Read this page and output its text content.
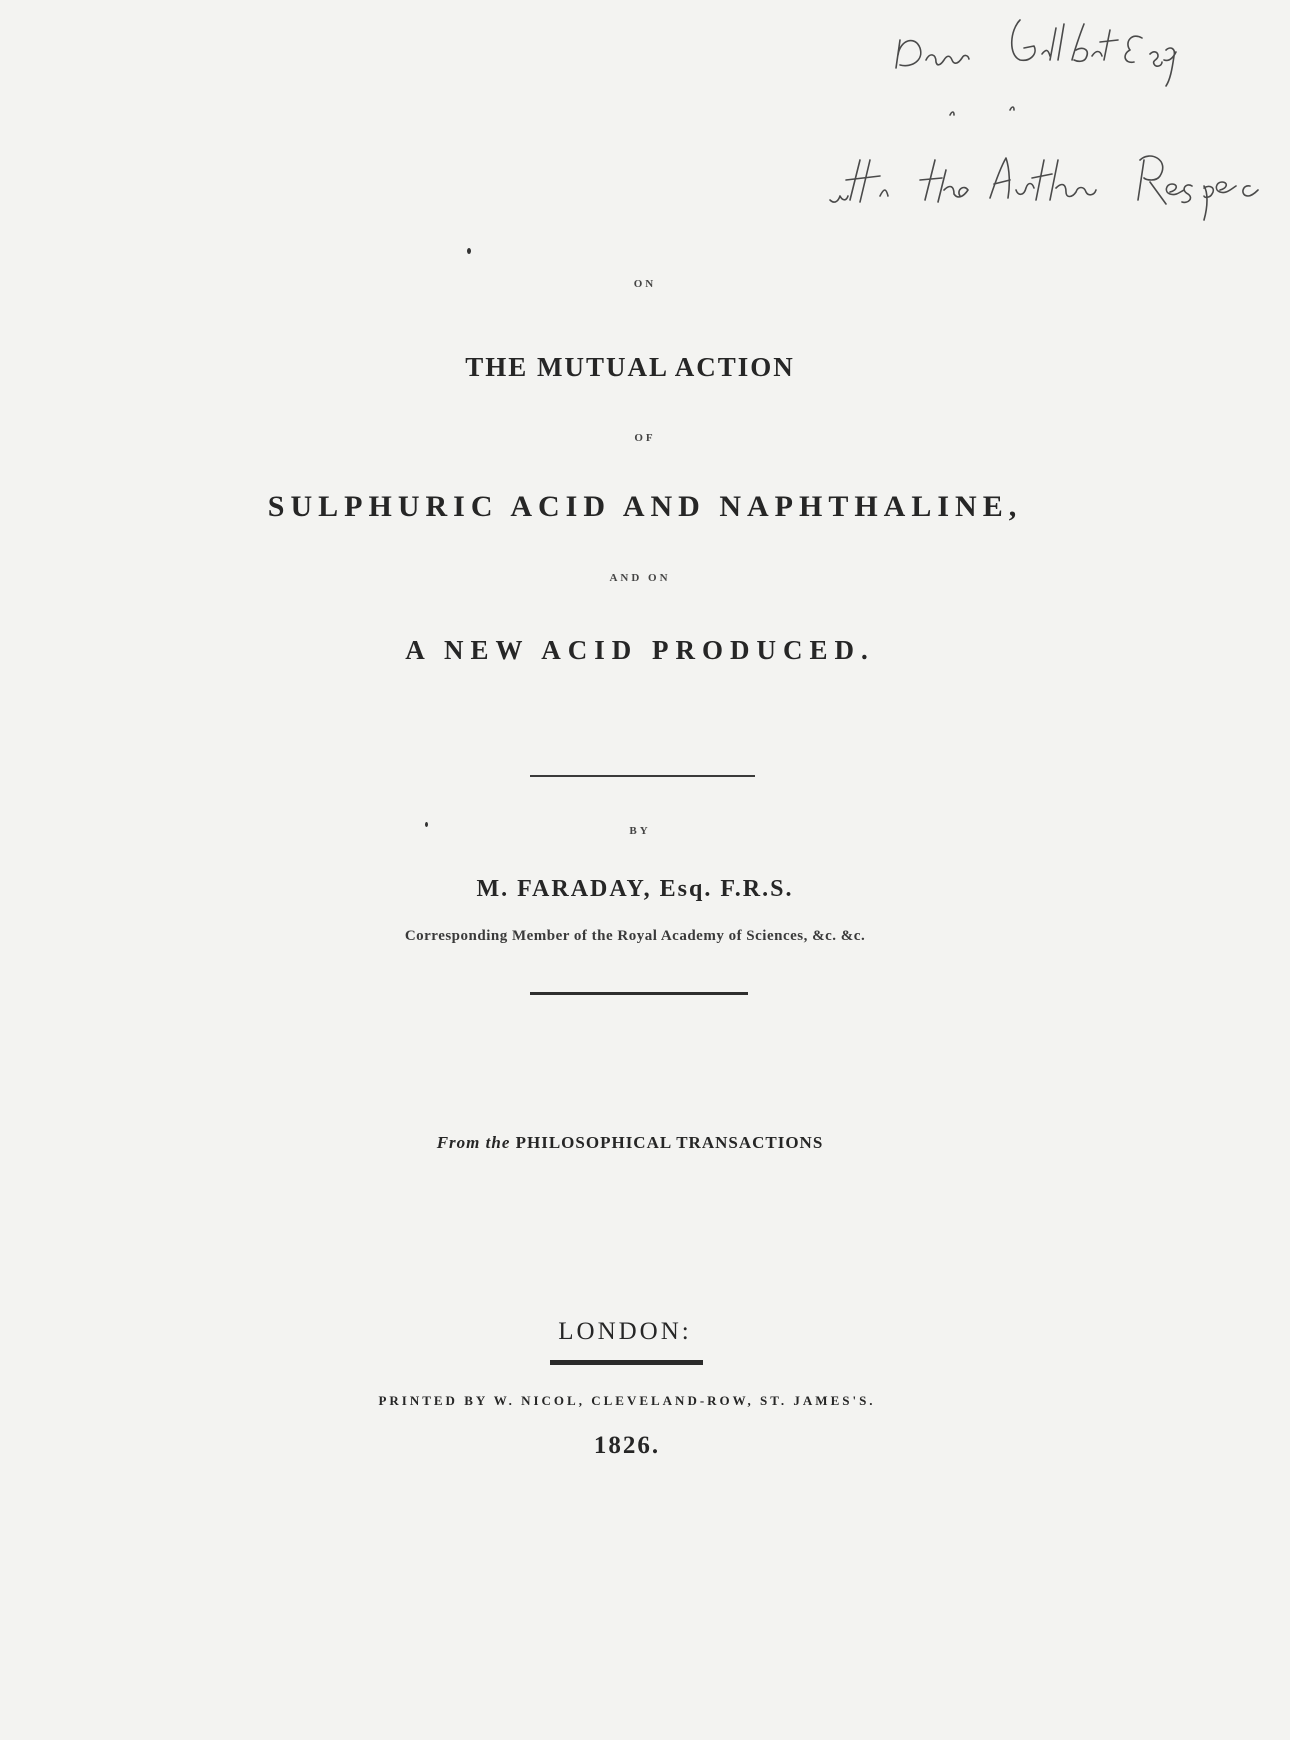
ON
THE MUTUAL ACTION
OF
SULPHURIC ACID AND NAPHTHALINE,
AND ON
A NEW ACID PRODUCED.
BY
M. FARADAY, Esq. F.R.S.
Corresponding Member of the Royal Academy of Sciences, &c. &c.
From the PHILOSOPHICAL TRANSACTIONS
LONDON:
PRINTED BY W. NICOL, CLEVELAND-ROW, ST. JAMES'S.
1826.
